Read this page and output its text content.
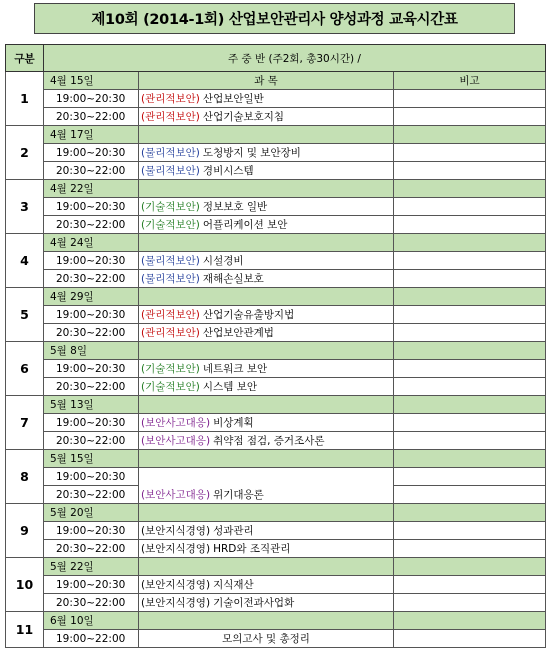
제10회 (2014-1회) 산업보안관리사 양성과정 교육시간표
구분	주 중 반 (주2회, 총30시간) /		
1	4월 15일	과 목	비고
	19:00~20:30	(관리적보안) 산업보안일반	
	20:30~22:00	(관리적보안) 산업기술보호지침	
2	4월 17일		
	19:00~20:30	(물리적보안) 도청방지 및 보안장비	
	20:30~22:00	(물리적보안) 경비시스템	
3	4월 22일		
	19:00~20:30	(기술적보안) 정보보호 일반	
	20:30~22:00	(기술적보안) 어플리케이션 보안	
4	4월 24일		
	19:00~20:30	(물리적보안) 시설경비	
	20:30~22:00	(물리적보안) 재해손실보호	
5	4월 29일		
	19:00~20:30	(관리적보안) 산업기술유출방지법	
	20:30~22:00	(관리적보안) 산업보안관계법	
6	5월 8일		
	19:00~20:30	(기술적보안) 네트워크 보안	
	20:30~22:00	(기술적보안) 시스템 보안	
7	5월 13일		
	19:00~20:30	(보안사고대응) 비상계획	
	20:30~22:00	(보안사고대응) 취약점 점검, 증거조사론	
8	5월 15일		
	19:00~20:30		
	20:30~22:00	(보안사고대응) 위기대응론	
9	5월 20일		
	19:00~20:30	(보안지식경영) 성과관리	
	20:30~22:00	(보안지식경영) HRD와 조직관리	
10	5월 22일		
	19:00~20:30	(보안지식경영) 지식재산	
	20:30~22:00	(보안지식경영) 기술이전과사업화	
11	6월 10일		
	19:00~22:00	모의고사 및 총정리	
